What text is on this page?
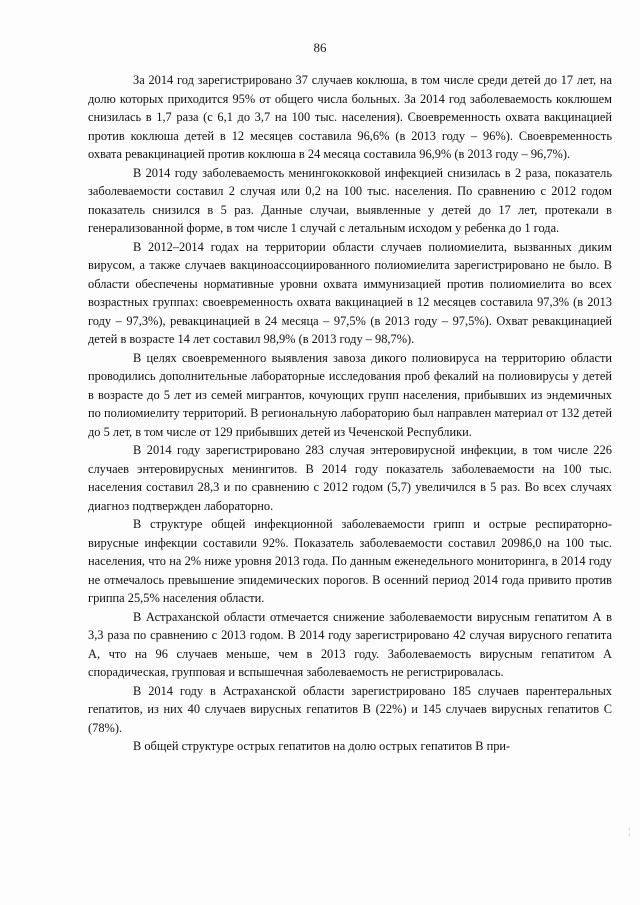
86

За 2014 год зарегистрировано 37 случаев коклюша, в том числе среди детей до 17 лет, на долю которых приходится 95% от общего числа больных. За 2014 год заболеваемость коклюшем снизилась в 1,7 раза (с 6,1 до 3,7 на 100 тыс. населения). Своевременность охвата вакцинацией против коклюша детей в 12 месяцев составила 96,6% (в 2013 году – 96%). Своевременность охвата ревакцинацией против коклюша в 24 месяца составила 96,9% (в 2013 году – 96,7%).

В 2014 году заболеваемость менингококковой инфекцией снизилась в 2 раза, показатель заболеваемости составил 2 случая или 0,2 на 100 тыс. населения. По сравнению с 2012 годом показатель снизился в 5 раз. Данные случаи, выявленные у детей до 17 лет, протекали в генерализованной форме, в том числе 1 случай с летальным исходом у ребенка до 1 года.

В 2012–2014 годах на территории области случаев полиомиелита, вызванных диким вирусом, а также случаев вакциноассоциированного полиомиелита зарегистрировано не было. В области обеспечены нормативные уровни охвата иммунизацией против полиомиелита во всех возрастных группах: своевременность охвата вакцинацией в 12 месяцев составила 97,3% (в 2013 году – 97,3%), ревакцинацией в 24 месяца – 97,5% (в 2013 году – 97,5%). Охват ревакцинацией детей в возрасте 14 лет составил 98,9% (в 2013 году – 98,7%).

В целях своевременного выявления завоза дикого полиовируса на территорию области проводились дополнительные лабораторные исследования проб фекалий на полиовирусы у детей в возрасте до 5 лет из семей мигрантов, кочующих групп населения, прибывших из эндемичных по полиомиелиту территорий. В региональную лабораторию был направлен материал от 132 детей до 5 лет, в том числе от 129 прибывших детей из Чеченской Республики.

В 2014 году зарегистрировано 283 случая энтеровирусной инфекции, в том числе 226 случаев энтеровирусных менингитов. В 2014 году показатель заболеваемости на 100 тыс. населения составил 28,3 и по сравнению с 2012 годом (5,7) увеличился в 5 раз. Во всех случаях диагноз подтвержден лабораторно.

В структуре общей инфекционной заболеваемости грипп и острые респираторно-вирусные инфекции составили 92%. Показатель заболеваемости составил 20986,0 на 100 тыс. населения, что на 2% ниже уровня 2013 года. По данным еженедельного мониторинга, в 2014 году не отмечалось превышение эпидемических порогов. В осенний период 2014 года привито против гриппа 25,5% населения области.

В Астраханской области отмечается снижение заболеваемости вирусным гепатитом А в 3,3 раза по сравнению с 2013 годом. В 2014 году зарегистрировано 42 случая вирусного гепатита А, что на 96 случаев меньше, чем в 2013 году. Заболеваемость вирусным гепатитом А спорадическая, групповая и вспышечная заболеваемость не регистрировалась.

В 2014 году в Астраханской области зарегистрировано 185 случаев парентеральных гепатитов, из них 40 случаев вирусных гепатитов В (22%) и 145 случаев вирусных гепатитов С (78%).

В общей структуре острых гепатитов на долю острых гепатитов В при-

¦
